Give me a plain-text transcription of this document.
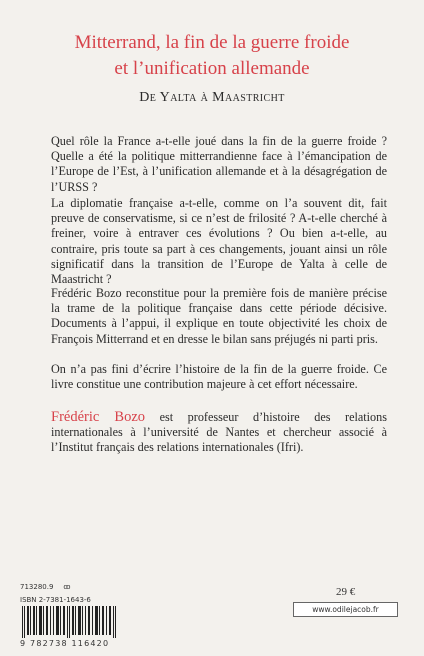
Mitterrand, la fin de la guerre froide
et l’unification allemande
De Yalta à Maastricht

Quel rôle la France a-t-elle joué dans la fin de la guerre froide ? Quelle a été la politique mitterrandienne face à l’émancipation de l’Europe de l’Est, à l’unification allemande et à la désagrégation de l’URSS ?

La diplomatie française a-t-elle, comme on l’a souvent dit, fait preuve de conservatisme, si ce n’est de frilosité ? A-t-elle cherché à freiner, voire à entraver ces évolutions ? Ou bien a-t-elle, au contraire, pris toute sa part à ces changements, jouant ainsi un rôle significatif dans la transition de l’Europe de Yalta à celle de Maastricht ?

Frédéric Bozo reconstitue pour la première fois de manière précise la trame de la politique française dans cette période décisive. Documents à l’appui, il explique en toute objectivité les choix de François Mitterrand et en dresse le bilan sans préjugés ni parti pris.

On n’a pas fini d’écrire l’histoire de la fin de la guerre froide. Ce livre constitue une contribution majeure à cet effort nécessaire.

Frédéric Bozo est professeur d’histoire des relations internationales à l’université de Nantes et chercheur associé à l’Institut français des relations internationales (Ifri).

713280.9 ꝏ
ISBN 2-7381-1643-6
9 782738 116420
29 €
www.odilejacob.fr
